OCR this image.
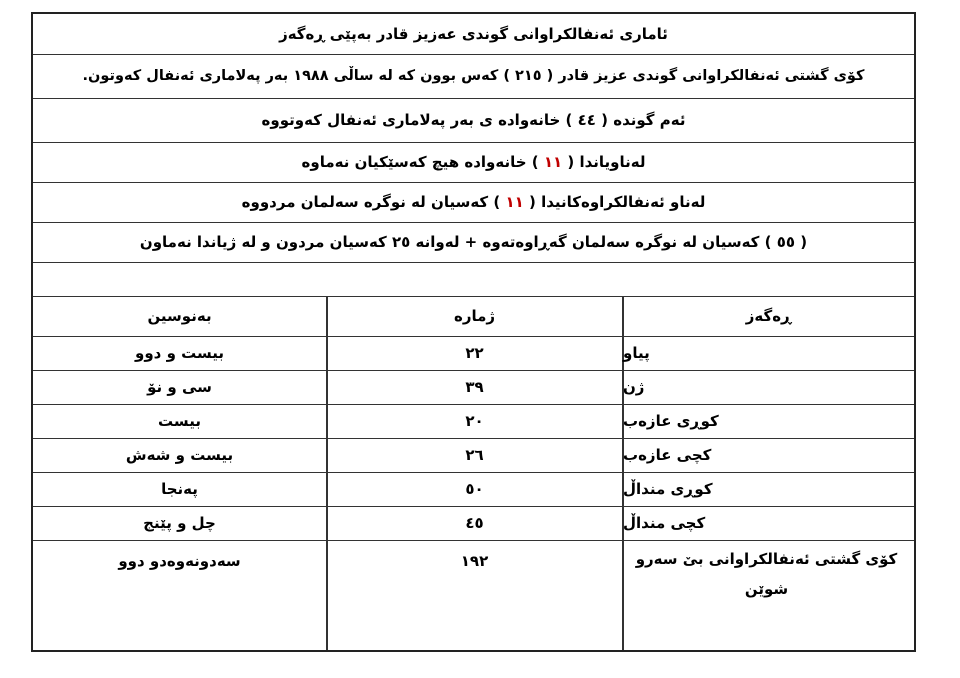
ئاماری ئەنفالکراوانی گوندی عەزیز قادر بەپێی ڕەگەز
کۆی گشتی ئەنفالکراوانی گوندی عزیز قادر ( ٢١٥ ) کەس بوون کە لە ساڵی ١٩٨٨ بەر پەلاماری ئەنفال کەوتون.
ئەم گوندە ( ٤٤ ) خانەوادە ی بەر پەلاماری ئەنفال کەوتووە
لەناویاندا ( ١١ ) خانەوادە هیچ کەسێکیان نەماوە
لەناو ئەنفالکراوەکانیدا ( ١١ ) کەسیان لە نوگرە سەلمان مردووە
( ٥٥ ) کەسیان لە نوگرە سەلمان گەڕاوەتەوە + لەوانە ٢٥ کەسیان مردون و لە ژیاندا نەماون
ڕەگەز
ژمارە
بەنوسین
پیاو
٢٢
بیست و دوو
ژن
٣٩
سی و نۆ
کوڕی عازەب
٢٠
بیست
کچی عازەب
٢٦
بیست و شەش
کوڕی منداڵ
٥٠
پەنجا
کچی منداڵ
٤٥
چل و پێنج
کۆی گشتی ئەنفالکراوانی بێ سەرو شوێن
١٩٢
سەدونەوەدو دوو
